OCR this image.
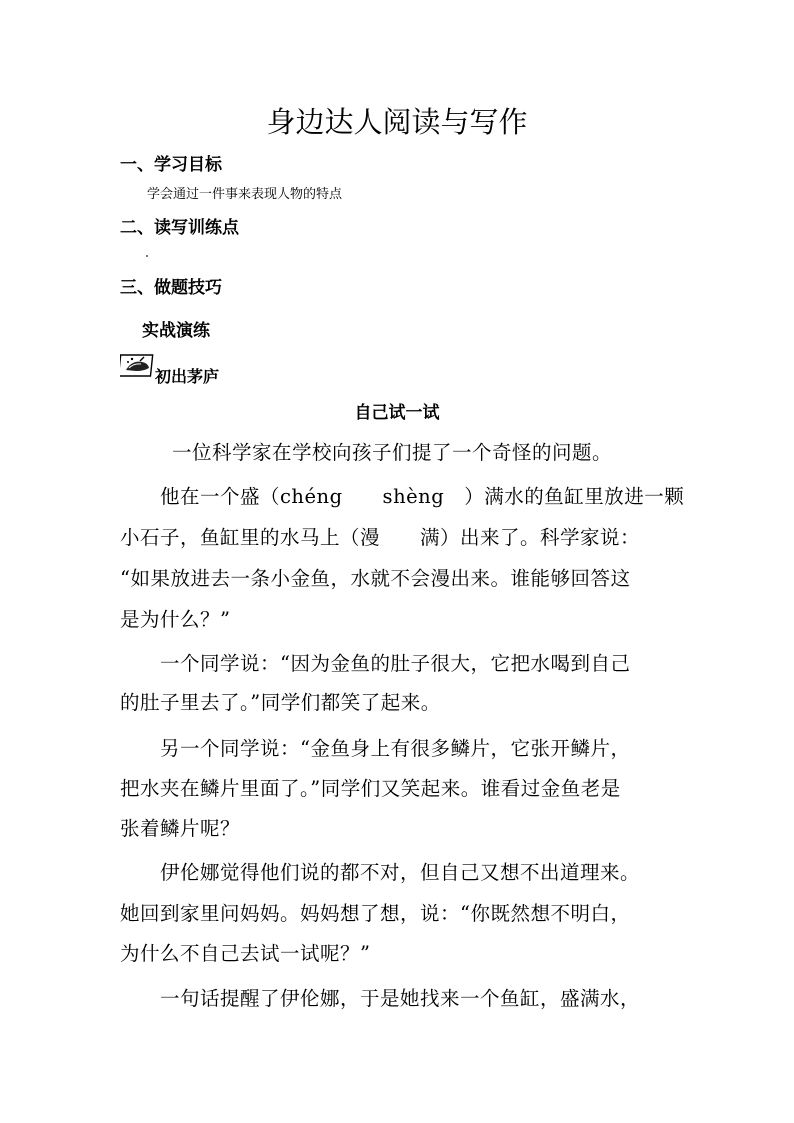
身边达人阅读与写作
一、学习目标
学会通过一件事来表现人物的特点
二、读写训练点
三、做题技巧
实战演练
初出茅庐
自己试一试
一位科学家在学校向孩子们提了一个奇怪的问题。
他在一个盛（chéng　　shèng　）满水的鱼缸里放进一颗
小石子，鱼缸里的水马上（漫　　满）出来了。科学家说：
“如果放进去一条小金鱼，水就不会漫出来。谁能够回答这
是为什么？”
一个同学说：“因为金鱼的肚子很大，它把水喝到自己
的肚子里去了。”同学们都笑了起来。
另一个同学说：“金鱼身上有很多鳞片，它张开鳞片，
把水夹在鳞片里面了。”同学们又笑起来。谁看过金鱼老是
张着鳞片呢？
伊伦娜觉得他们说的都不对，但自己又想不出道理来。
她回到家里问妈妈。妈妈想了想，说：“你既然想不明白，
为什么不自己去试一试呢？”
一句话提醒了伊伦娜，于是她找来一个鱼缸，盛满水，
